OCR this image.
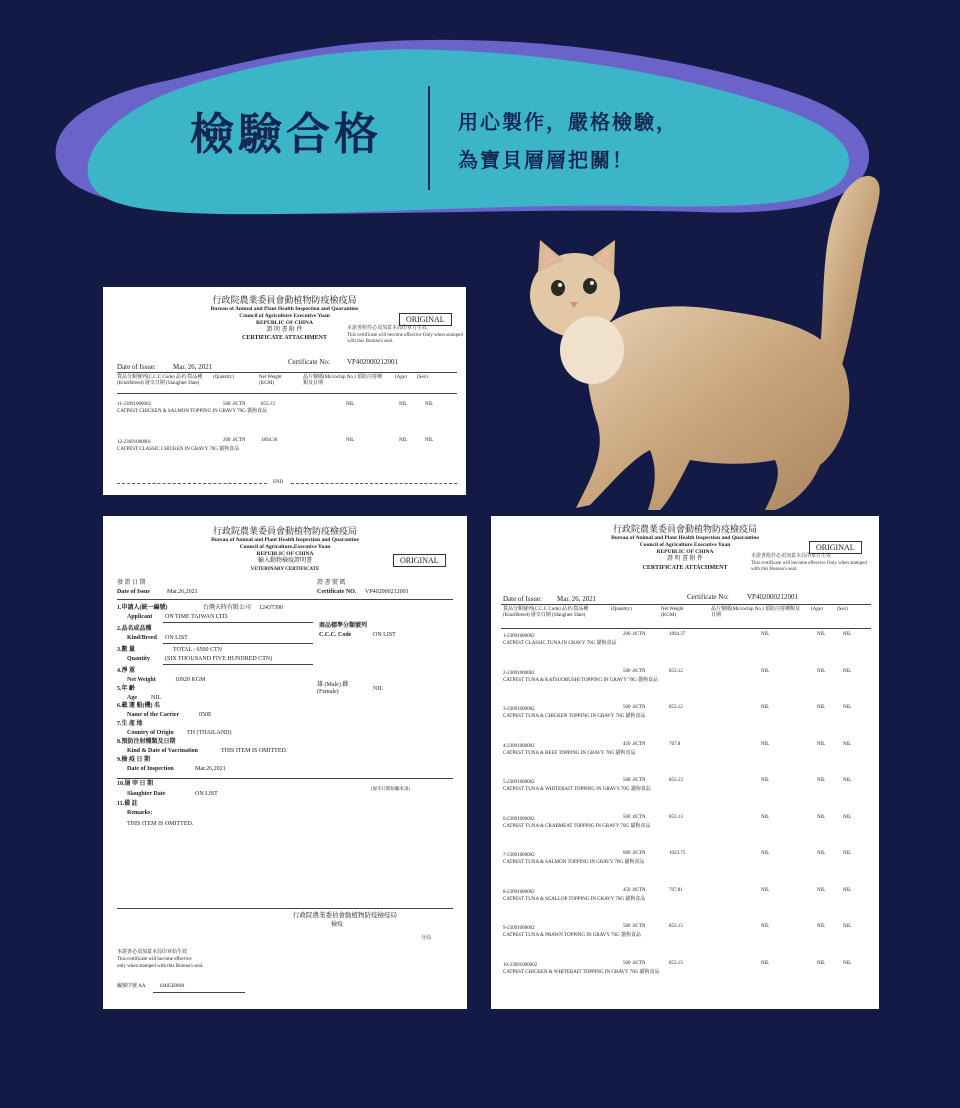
檢驗合格	用心製作，嚴格檢驗，
為寶貝層層把關！
行政院農業委員會動植物防疫檢疫局
Bureau of Animal and Plant Health Inspection and Quarantine
Council of Agriculture Executive Yuan
REPUBLIC OF CHINA
證 明 書 附 件
CERTIFICATE ATTACHMENT
ORIGINAL
本證書附件必須加蓋本局印章方生效
This certificate will become effective Only when stamped with this Bureau's seal.
Date of Issue: Mar. 26, 2021
Certificate No: VP402000212001
貨品分類號列(C.C.C Code) 品名/貨品種(Kind/Breed) 屠宰日期 (Slaughter Date)
(Quantity)	Net Weight (KGM)
晶片號碼(Microchip No.) 預防注射種類及日期
(Age) (Sex)
11-23091000002
CATPEST CHICKEN & SALMON TOPPING IN GRAVY 70G 貓狗食品
500 .0CTN	853.13	NIL	NIL	NIL
12-23091000001
CATPEST CLASSIC CHICKEN IN GRAVY 70G 貓狗食品
200 .0CTN	1894.30	NIL	NIL	NIL
END
行政院農業委員會動植物防疫檢疫局
Bureau of Animal and Plant Health Inspection and Quarantine
Council of Agriculture,Executive Yuan
REPUBLIC OF CHINA
輸入動物檢疫證明書
VETERINARY CERTIFICATE
ORIGINAL
發 證 日 期
Date of Issue	Mar.26,2021
證 書 號 碼
Certificate NO. VP402000212001
1.申請人(統一編號)	台灣天時有限公司 12437390
Applicant ON TIME TAIWAN LTD.
2.品名或品種
Kind/Breed ON LIST
商品標準分類號列
C.C.C. Code	ON LIST
3.數 量	TOTAL : 6500 CTN
Quantity (SIX THOUSAND FIVE HUNDRED CTN)
4.淨 重
Net Weight	10920 KGM
5.年 齡
Age NIL
雄 (Male) 雌 (Female)	NIL
6.載 運 船(機) 名
Name of the Carrier	050E
7.生 產 地
Country of Origin TH (THAILAND)
8.預防注射種類及日期
Kind & Date of Vaccination	THIS ITEM IS OMITTED.
9.檢 疫 日 期
Date of Inspection	Mar.26,2021
10.屠 宰 日 期
(屠宰日期如屬本項)
Slaughter Date	ON LIST
11.備 註
Remarks:
THIS ITEM IS OMITTED.
行政院農業委員會動植物防疫檢疫局
檢疫
分局
本證書必須加蓋本局印章始生效
This certificate will become effective
only when stamped with this Bureau's seal.
編號序號 AA	10485E0084
行政院農業委員會動植物防疫檢疫局
Bureau of Animal and Plant Health Inspection and Quarantine
Council of Agriculture Executive Yuan
REPUBLIC OF CHINA
證 明 書 附 件
CERTIFICATE ATTACHMENT
ORIGINAL
本證書附件必須加蓋本局印章方生效
This certificate will become effective Only when stamped with this Bureau's seal.
Date of Issue: Mar. 26, 2021	Certificate No:	VP402000212001
貨品分類號列(C.C.C Code) 品名/貨品種(Kind/Breed) 屠宰日期 (Slaughter Date)
(Quantity)	Net Weight (KGM)
晶片號碼(Microchip No.) 預防注射種類及日期
(Age)	(Sex)
1-23091000002
CATPEST CLASSIC TUNA IN GRAVY 70G 貓狗食品
200 .0CTN	1894.37	NIL	NIL	NIL
2-23091000002
CATPEST TUNA & KATSUOBUSHI TOPPING IN GRAVY 70G 貓狗食品
500 .0CTN	853.12	NIL	NIL	NIL
3-23091000002
CATPEST TUNA & CHICKEN TOPPING IN GRAVY 70G 貓狗食品
500 .0CTN	853.12	NIL	NIL	NIL
4-23091000002
CATPEST TUNA & BEEF TOPPING IN GRAVY 70G 貓狗食品
450 .0CTN	767.8	NIL	NIL	NIL
5-23091000002
CATPEST TUNA & WHITEBAIT TOPPING IN GRAVY 70G 貓狗食品
500 .0CTN	853.13	NIL	NIL	NIL
6-23091000002
CATPEST TUNA & CRABMEAT TOPPING IN GRAVY 70G 貓狗食品
500 .0CTN	853.13	NIL	NIL	NIL
7-23091000002
CATPEST TUNA & SALMON TOPPING IN GRAVY 70G 貓狗食品
600 .0CTN	1023.75	NIL	NIL	NIL
8-23091000002
CATPEST TUNA & SCALLOP TOPPING IN GRAVY 70G 貓狗食品
450 .0CTN	767.81	NIL	NIL	NIL
9-23091000002
CATPEST TUNA & PRAWN TOPPING IN GRAVY 70G 貓狗食品
500 .0CTN	853.13	NIL	NIL	NIL
10-23091000002
CATPEST CHICKEN & WHITEBAIT TOPPING IN GRAVY 70G 貓狗食品
500 .0CTN	853.13	NIL	NIL	NIL
